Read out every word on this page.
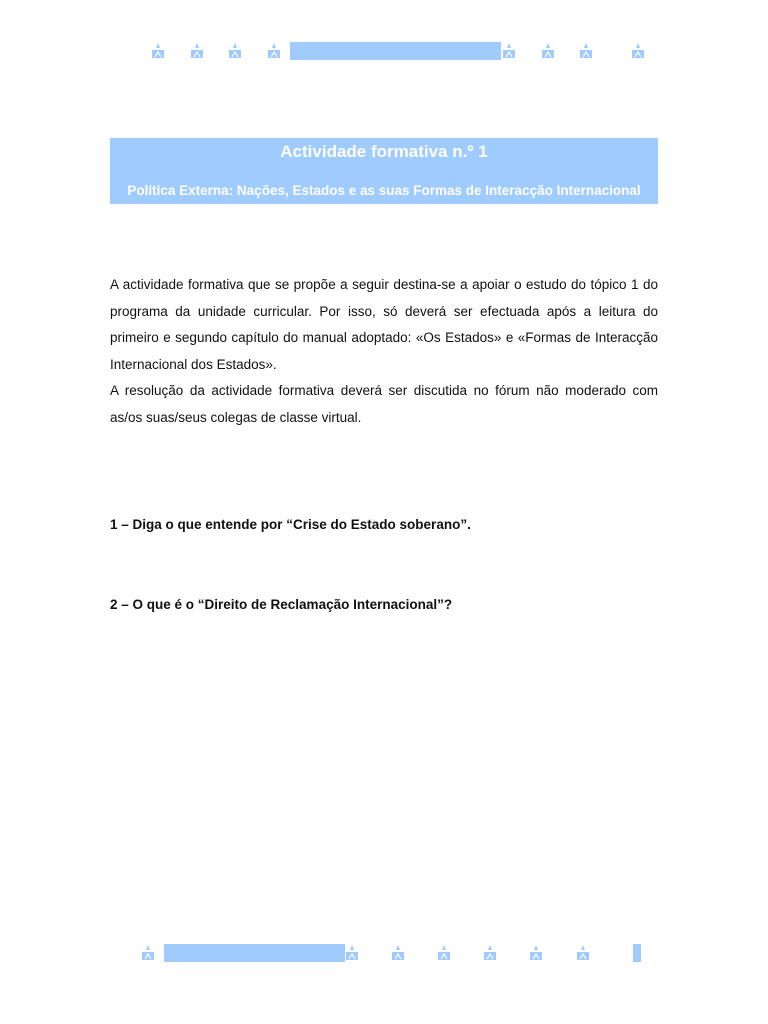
Actividade formativa n.º 1
Política Externa: Nações, Estados e as suas Formas de Interacção Internacional

A actividade formativa que se propõe a seguir destina-se a apoiar o estudo do tópico 1 do programa da unidade curricular. Por isso, só deverá ser efectuada após a leitura do primeiro e segundo capítulo do manual adoptado: «Os Estados» e «Formas de Interacção Internacional dos Estados».

A resolução da actividade formativa deverá ser discutida no fórum não moderado com as/os suas/seus colegas de classe virtual.

1 – Diga o que entende por “Crise do Estado soberano”.

2 – O que é o “Direito de Reclamação Internacional”?
